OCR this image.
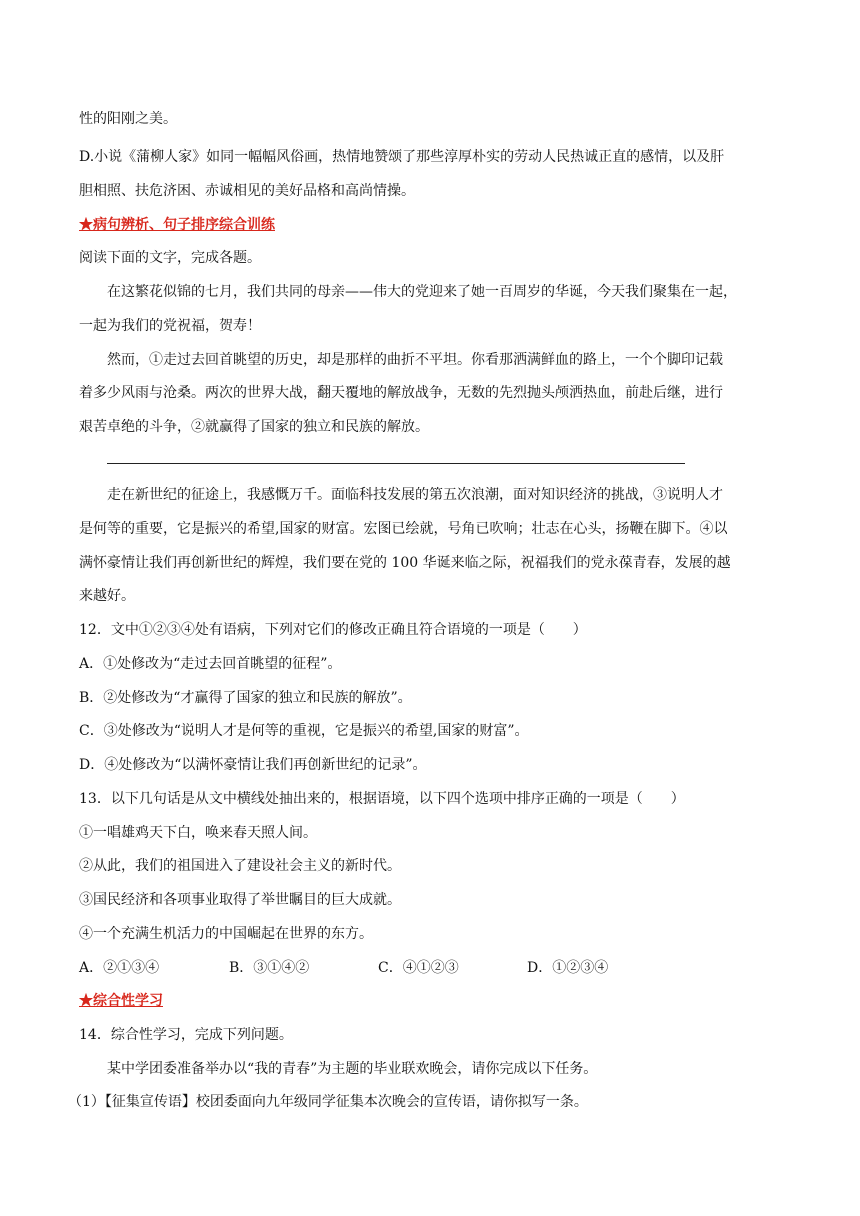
性的阳刚之美。
D.小说《蒲柳人家》如同一幅幅风俗画，热情地赞颂了那些淳厚朴实的劳动人民热诚正直的感情，以及肝
胆相照、扶危济困、赤诚相见的美好品格和高尚情操。
★病句辨析、句子排序综合训练
阅读下面的文字，完成各题。
在这繁花似锦的七月，我们共同的母亲——伟大的党迎来了她一百周岁的华诞，今天我们聚集在一起，
一起为我们的党祝福，贺寿！
然而，①走过去回首眺望的历史，却是那样的曲折不平坦。你看那洒满鲜血的路上，一个个脚印记载
着多少风雨与沧桑。两次的世界大战，翻天覆地的解放战争，无数的先烈抛头颅洒热血，前赴后继，进行
艰苦卓绝的斗争，②就赢得了国家的独立和民族的解放。
走在新世纪的征途上，我感慨万千。面临科技发展的第五次浪潮，面对知识经济的挑战，③说明人才
是何等的重要，它是振兴的希望,国家的财富。宏图已绘就，号角已吹响；壮志在心头，扬鞭在脚下。④以
满怀豪情让我们再创新世纪的辉煌，我们要在党的 100 华诞来临之际，祝福我们的党永葆青春，发展的越
来越好。
12．文中①②③④处有语病，下列对它们的修改正确且符合语境的一项是（　　）
A．①处修改为“走过去回首眺望的征程”。
B．②处修改为“才赢得了国家的独立和民族的解放”。
C．③处修改为“说明人才是何等的重视，它是振兴的希望,国家的财富”。
D．④处修改为“以满怀豪情让我们再创新世纪的记录”。
13．以下几句话是从文中横线处抽出来的，根据语境，以下四个选项中排序正确的一项是（　　）
①一唱雄鸡天下白，唤来春天照人间。
②从此，我们的祖国进入了建设社会主义的新时代。
③国民经济和各项事业取得了举世瞩目的巨大成就。
④一个充满生机活力的中国崛起在世界的东方。
A．②①③④	B．③①④②	C．④①②③	D．①②③④
★综合性学习
14．综合性学习，完成下列问题。
某中学团委准备举办以“我的青春”为主题的毕业联欢晚会，请你完成以下任务。
（1）【征集宣传语】校团委面向九年级同学征集本次晚会的宣传语，请你拟写一条。
